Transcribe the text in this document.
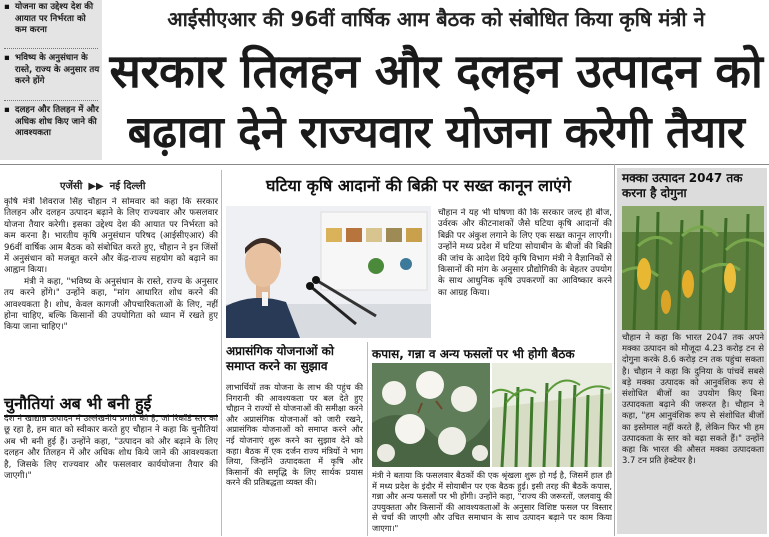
▪ योजना का उद्देश्य देश की आयात पर निर्भरता को कम करना
▪ भविष्य के अनुसंधान के रास्ते, राज्य के अनुसार तय करने होंगे
▪ दलहन और तिलहन में और अधिक शोध किए जाने की आवश्यकता
आईसीएआर की 96वीं वार्षिक आम बैठक को संबोधित किया कृषि मंत्री ने
सरकार तिलहन और दलहन उत्पादन को
बढ़ावा देने राज्यवार योजना करेगी तैयार
एजेंसी ▶▶ नई दिल्ली

कृषि मंत्री शिवराज सिंह चौहान ने सोमवार को कहा कि सरकार तिलहन और दलहन उत्पादन बढ़ाने के लिए राज्यवार और फसलवार योजना तैयार करेगी। इसका उद्देश्य देश की आयात पर निर्भरता को कम करना है। भारतीय कृषि अनुसंधान परिषद (आईसीएआर) की 96वीं वार्षिक आम बैठक को संबोधित करते हुए, चौहान ने इन जिंसों में अनुसंधान को मजबूत करने और केंद्र-राज्य सहयोग को बढ़ाने का आह्वान किया।

मंत्री ने कहा, "भविष्य के अनुसंधान के रास्ते, राज्य के अनुसार तय करने होंगे।" उन्होंने कहा, "मांग आधारित शोध करने की आवश्यकता है। शोध, केवल कागजी औपचारिकताओं के लिए, नहीं होना चाहिए, बल्कि किसानों की उपयोगिता को ध्यान में रखते हुए किया जाना चाहिए।"

चुनौतियां अब भी बनी हुई
देश ने खाद्यान्न उत्पादन में उल्लेखनीय प्रगति की है, जो रिकॉर्ड स्तर को छू रहा है, हम बात को स्वीकार करते हुए चौहान ने कहा कि चुनौतियां अब भी बनी हुई हैं। उन्होंने कहा, "उत्पादन को और बढ़ाने के लिए दलहन और तिलहन में और अधिक शोध किये जाने की आवश्यकता है, जिसके लिए राज्यवार और फसलवार कार्ययोजना तैयार की जाएगी।"
घटिया कृषि आदानों की बिक्री पर सख्त कानून लाएंगे
चौहान ने यह भी घोषणा की कि सरकार जल्द ही बीज, उर्वरक और कीटनाशकों जैसे घटिया कृषि आदानों की बिक्री पर अंकुश लगाने के लिए एक सख्त कानून लाएगी। उन्होंने मध्य प्रदेश में घटिया सोयाबीन के बीजों की बिक्री की जांच के आदेश दिये कृषि विभाग मंत्री ने वैज्ञानिकों से किसानों की मांग के अनुसार प्रौद्योगिकी के बेहतर उपयोग के साथ आधुनिक कृषि उपकरणों का आविष्कार करने का आग्रह किया।
अप्रासंगिक योजनाओं को समाप्त करने का सुझाव
लाभार्थियों तक योजना के लाभ की पहुंच की निगरानी की आवश्यकता पर बल देते हुए चौहान ने राज्यों से योजनाओं की समीक्षा करने और अप्रासंगिक योजनाओं को जारी रखने, अप्रासंगिक योजनाओं को समाप्त करने और नई योजनाएं शुरू करने का सुझाव देने को कहा। बैठक में एक दर्जन राज्य मंत्रियों ने भाग लिया, जिन्होंने उत्पादकता में कृषि और किसानों की समृद्धि के लिए सार्थक प्रयास करने की प्रतिबद्धता व्यक्त की।
कपास, गन्ना व अन्य फसलों पर भी होगी बैठक
मंत्री ने बताया कि फसलवार बैठकों की एक श्रृंखला शुरू हो गई है, जिसमें हाल ही में मध्य प्रदेश के इंदौर में सोयाबीन पर एक बैठक हुई। इसी तरह की बैठकें कपास, गन्ना और अन्य फसलों पर भी होंगी। उन्होंने कहा, "राज्य की जरूरतों, जलवायु की उपयुक्तता और किसानों की आवश्यकताओं के अनुसार विशिष्ट फसल पर विस्तार से चर्चा की जाएगी और उचित समाधान के साथ उत्पादन बढ़ाने पर काम किया जाएगा।"
मक्का उत्पादन 2047 तक करना है दोगुना
चौहान ने कहा कि भारत 2047 तक अपने मक्का उत्पादन को मौजूदा 4.23 करोड़ टन से दोगुना करके 8.6 करोड़ टन तक पहुंचा सकता है। चौहान ने कहा कि दुनिया के पांचवें सबसे बड़े मक्का उत्पादक को आनुवंशिक रूप से संशोधित बीजों का उपयोग किए बिना उत्पादकता बढ़ाने की जरूरत है। चौहान ने कहा, "हम आनुवंशिक रूप से संशोधित बीजों का इस्तेमाल नहीं करते हैं, लेकिन फिर भी हम उत्पादकता के स्तर को बढ़ा सकते हैं।" उन्होंने कहा कि भारत की औसत मक्का उत्पादकता 3.7 टन प्रति हेक्टेयर है।
